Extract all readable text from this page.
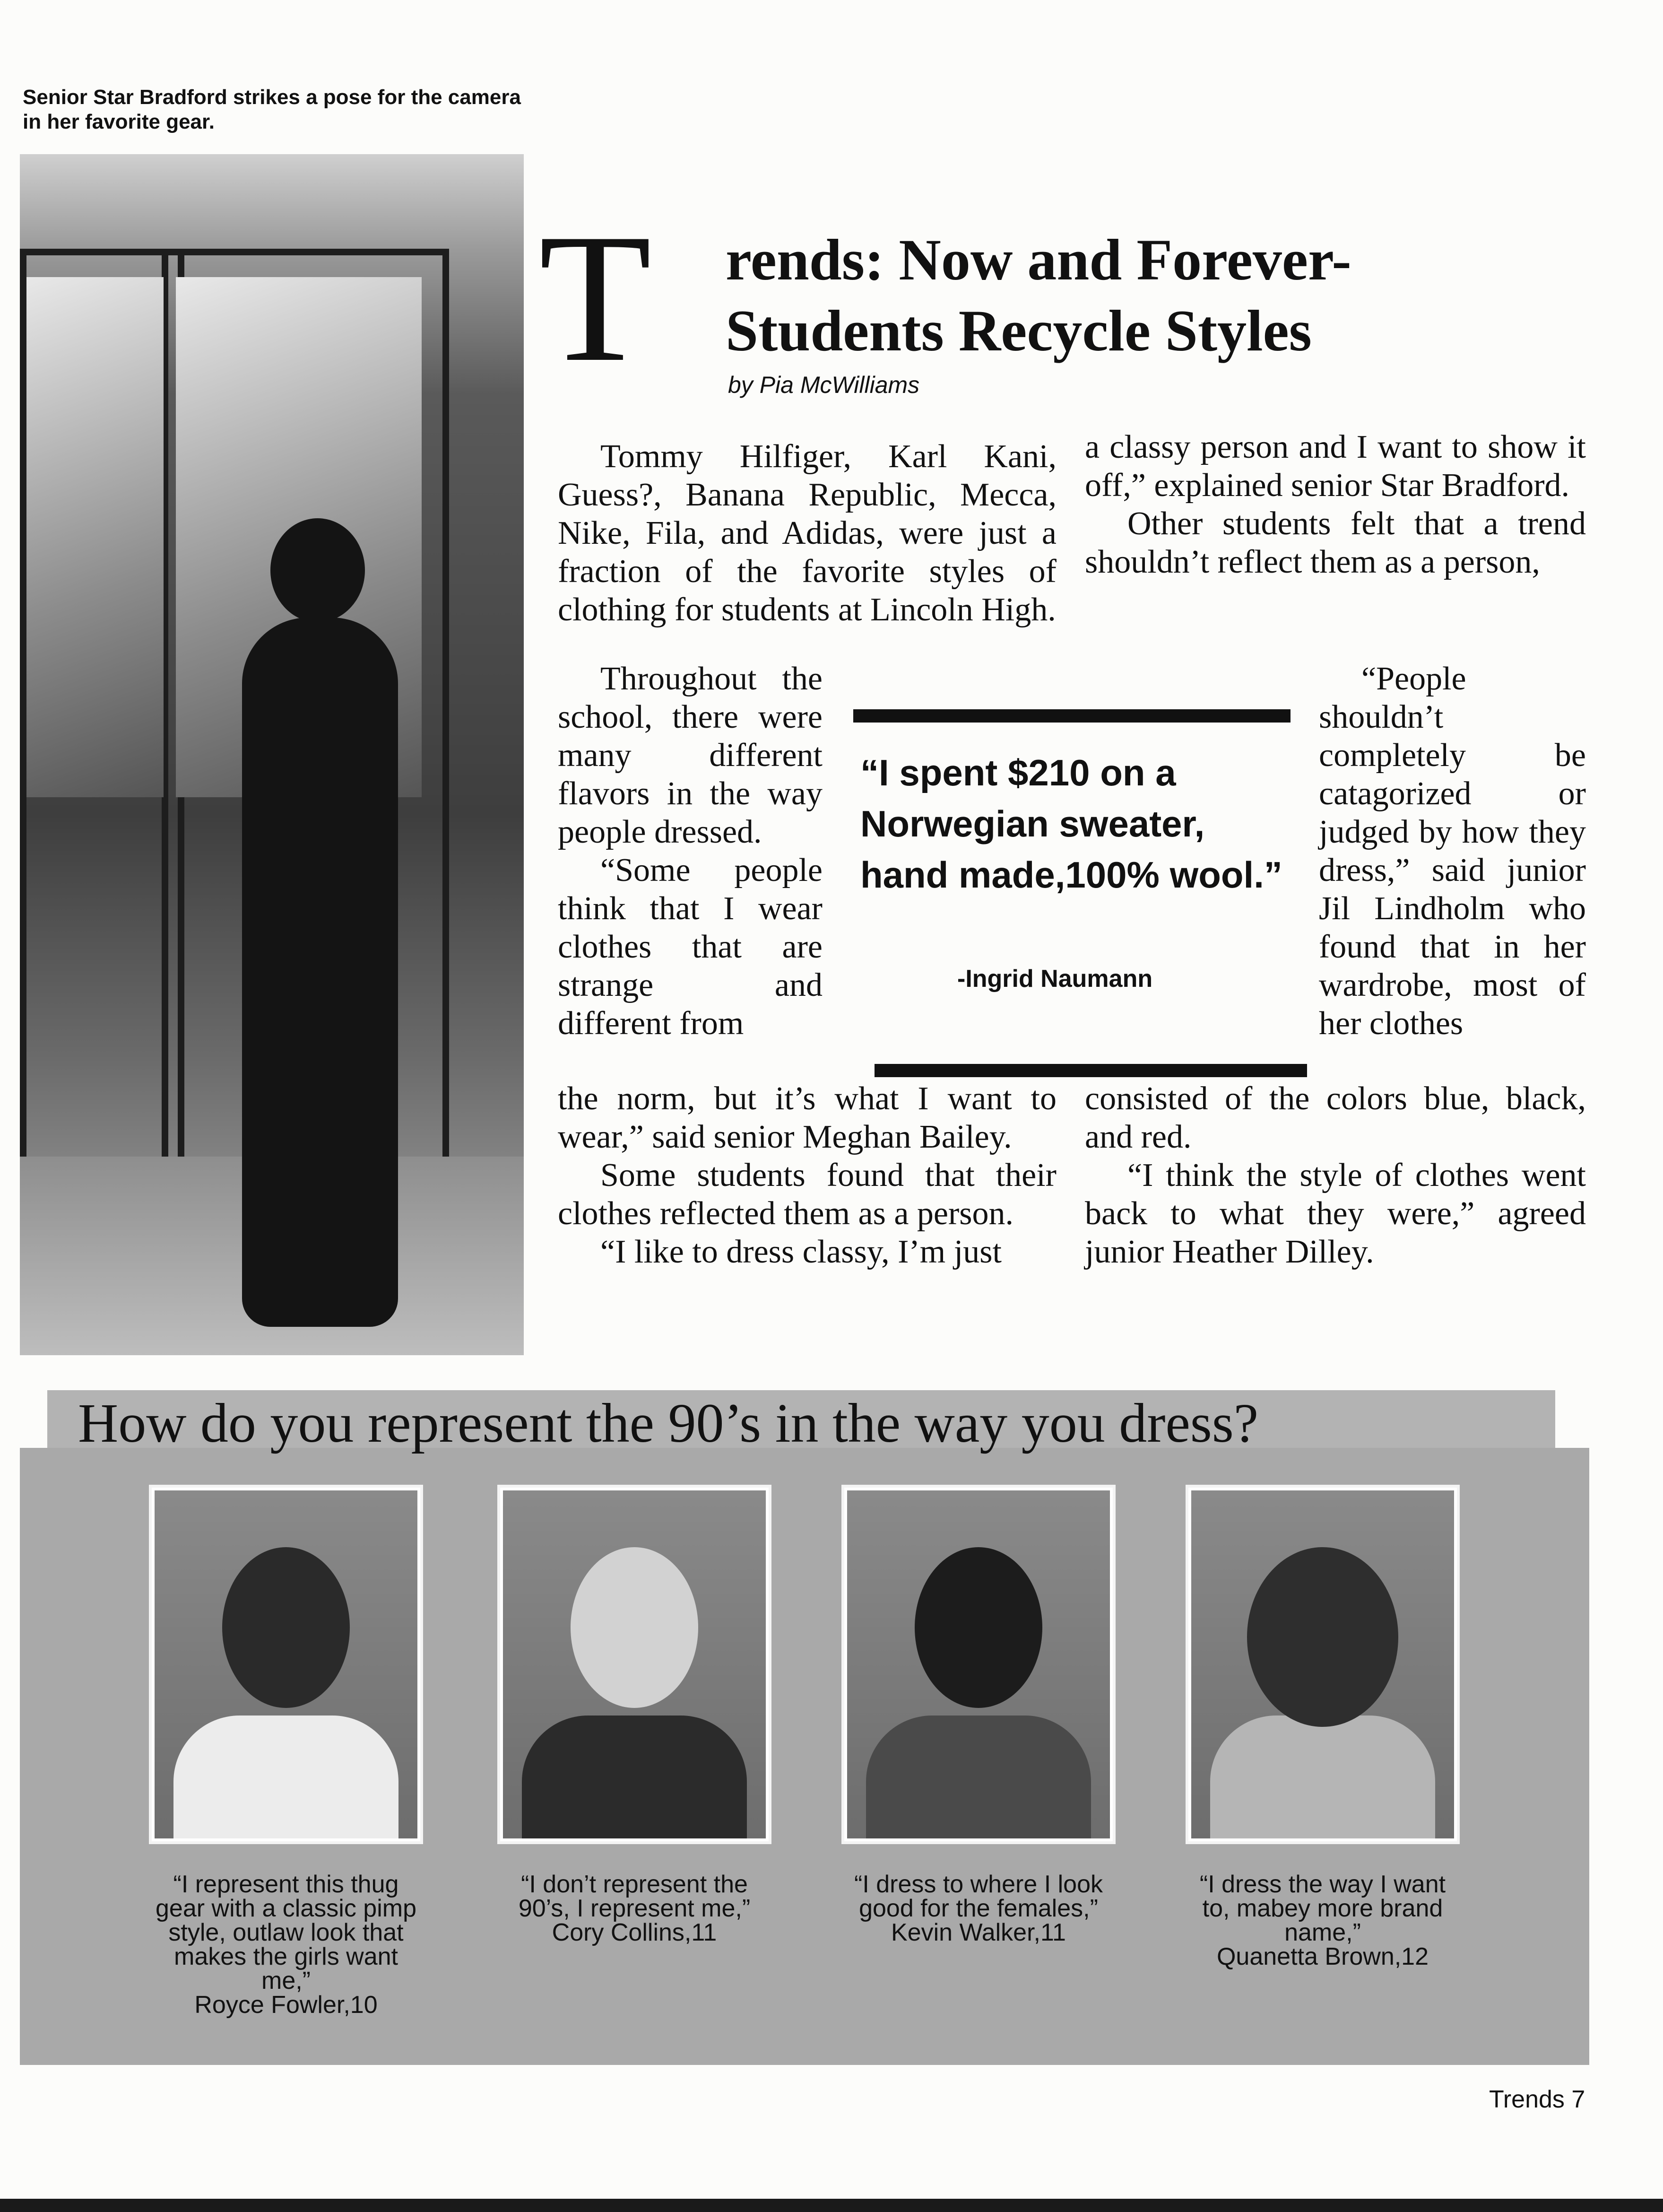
Senior Star Bradford strikes a pose for the camera in her favorite gear.
T rends: Now and Forever- Students Recycle Styles
by Pia McWilliams

Tommy Hilfiger, Karl Kani, Guess?, Banana Republic, Mecca, Nike, Fila, and Adidas, were just a fraction of the favorite styles of clothing for students at Lincoln High.

Throughout the school, there were many different flavors in the way people dressed.

“Some people think that I wear clothes that are strange and different from

the norm, but it’s what I want to wear,” said senior Meghan Bailey.

Some students found that their clothes reflected them as a person.

“I like to dress classy, I’m just

a classy person and I want to show it off,” explained senior Star Bradford.

Other students felt that a trend shouldn’t reflect them as a person,

“People shouldn’t completely be catagorized or judged by how they dress,” said junior Jil Lindholm who found that in her wardrobe, most of her clothes

consisted of the colors blue, black, and red.

“I think the style of clothes went back to what they were,” agreed junior Heather Dilley.

“I spent $210 on a Norwegian sweater, hand made,100% wool.”
-Ingrid Naumann
How do you represent the 90’s in the way you dress?
“I represent this thug gear with a classic pimp style, outlaw look that makes the girls want me,”
Royce Fowler,10
“I don’t represent the 90’s, I represent me,”
Cory Collins,11
“I dress to where I look good for the females,”
Kevin Walker,11
“I dress the way I want to, mabey more brand name,”
Quanetta Brown,12
Trends 7
